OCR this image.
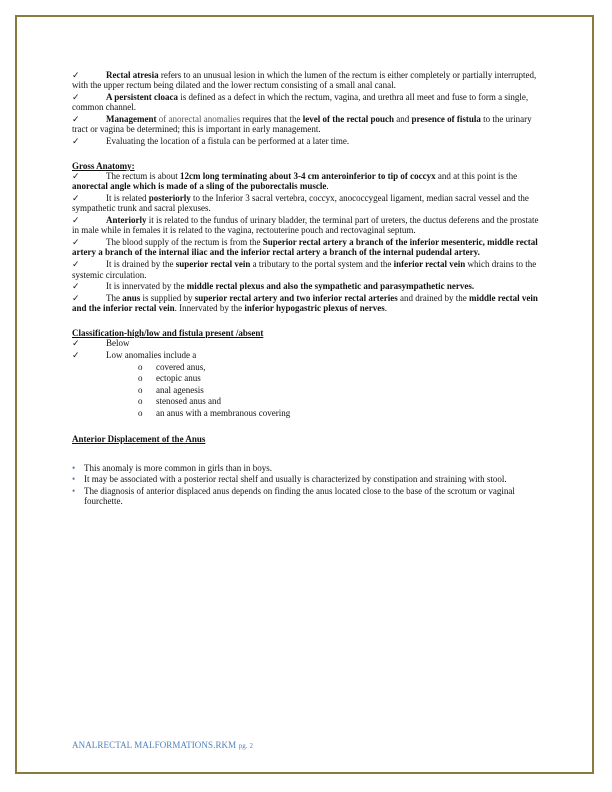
✓	Rectal atresia refers to an unusual lesion in which the lumen of the rectum is either completely or partially interrupted, with the upper rectum being dilated and the lower rectum consisting of a small anal canal.

✓	A persistent cloaca is defined as a defect in which the rectum, vagina, and urethra all meet and fuse to form a single, common channel.

✓	Management of anorectal anomalies requires that the level of the rectal pouch and presence of fistula to the urinary tract or vagina be determined; this is important in early management.

✓	Evaluating the location of a fistula can be performed at a later time.

Gross Anatomy:

✓	The rectum is about 12cm long terminating about 3-4 cm anteroinferior to tip of coccyx and at this point is the anorectal angle which is made of a sling of the puborectalis muscle.

✓	It is related posteriorly to the Inferior 3 sacral vertebra, coccyx, anococcygeal ligament, median sacral vessel and the sympathetic trunk and sacral plexuses.

✓	Anteriorly it is related to the fundus of urinary bladder, the terminal part of ureters, the ductus deferens and the prostate in male while in females it is related to the vagina, rectouterine pouch and rectovaginal septum.

✓	The blood supply of the rectum is from the Superior rectal artery a branch of the inferior mesenteric, middle rectal artery a branch of the internal iliac and the inferior rectal artery a branch of the internal pudendal artery.

✓	It is drained by the superior rectal vein a tributary to the portal system and the inferior rectal vein which drains to the systemic circulation.

✓	It is innervated by the middle rectal plexus and also the sympathetic and parasympathetic nerves.

✓	The anus is supplied by superior rectal artery and two inferior rectal arteries and drained by the middle rectal vein and the inferior rectal vein. Innervated by the inferior hypogastric plexus of nerves.

Classification-high/low and fistula present /absent

✓	Below

✓	Low anomalies include a

o covered anus,
o ectopic anus
o anal agenesis
o stenosed anus and
o an anus with a membranous covering

Anterior Displacement of the Anus

• This anomaly is more common in girls than in boys.
• It may be associated with a posterior rectal shelf and usually is characterized by constipation and straining with stool.
• The diagnosis of anterior displaced anus depends on finding the anus located close to the base of the scrotum or vaginal fourchette.
ANALRECTAL MALFORMATIONS.RKM pg. 2
